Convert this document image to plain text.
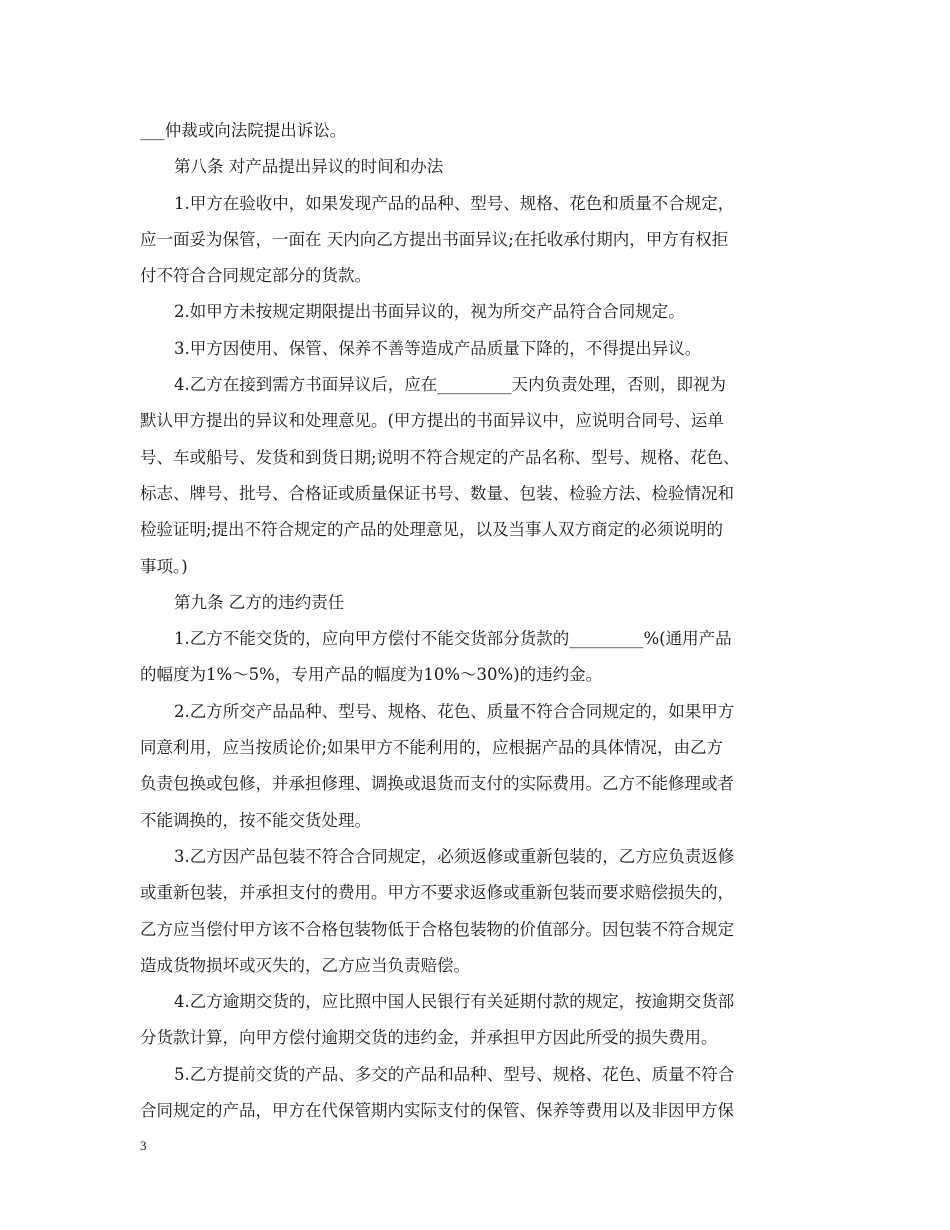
___仲裁或向法院提出诉讼。
第八条 对产品提出异议的时间和办法
1.甲方在验收中，如果发现产品的品种、型号、规格、花色和质量不合规定，
应一面妥为保管，一面在 天内向乙方提出书面异议;在托收承付期内，甲方有权拒
付不符合合同规定部分的货款。
2.如甲方未按规定期限提出书面异议的，视为所交产品符合合同规定。
3.甲方因使用、保管、保养不善等造成产品质量下降的，不得提出异议。
4.乙方在接到需方书面异议后，应在_________天内负责处理，否则，即视为
默认甲方提出的异议和处理意见。(甲方提出的书面异议中，应说明合同号、运单
号、车或船号、发货和到货日期;说明不符合规定的产品名称、型号、规格、花色、
标志、牌号、批号、合格证或质量保证书号、数量、包装、检验方法、检验情况和
检验证明;提出不符合规定的产品的处理意见，以及当事人双方商定的必须说明的
事项。)
第九条 乙方的违约责任
1.乙方不能交货的，应向甲方偿付不能交货部分货款的_________%(通用产品
的幅度为1%～5%，专用产品的幅度为10%～30%)的违约金。
2.乙方所交产品品种、型号、规格、花色、质量不符合合同规定的，如果甲方
同意利用，应当按质论价;如果甲方不能利用的，应根据产品的具体情况，由乙方
负责包换或包修，并承担修理、调换或退货而支付的实际费用。乙方不能修理或者
不能调换的，按不能交货处理。
3.乙方因产品包装不符合合同规定，必须返修或重新包装的，乙方应负责返修
或重新包装，并承担支付的费用。甲方不要求返修或重新包装而要求赔偿损失的，
乙方应当偿付甲方该不合格包装物低于合格包装物的价值部分。因包装不符合规定
造成货物损坏或灭失的，乙方应当负责赔偿。
4.乙方逾期交货的，应比照中国人民银行有关延期付款的规定，按逾期交货部
分货款计算，向甲方偿付逾期交货的违约金，并承担甲方因此所受的损失费用。
5.乙方提前交货的产品、多交的产品和品种、型号、规格、花色、质量不符合
合同规定的产品，甲方在代保管期内实际支付的保管、保养等费用以及非因甲方保
3
